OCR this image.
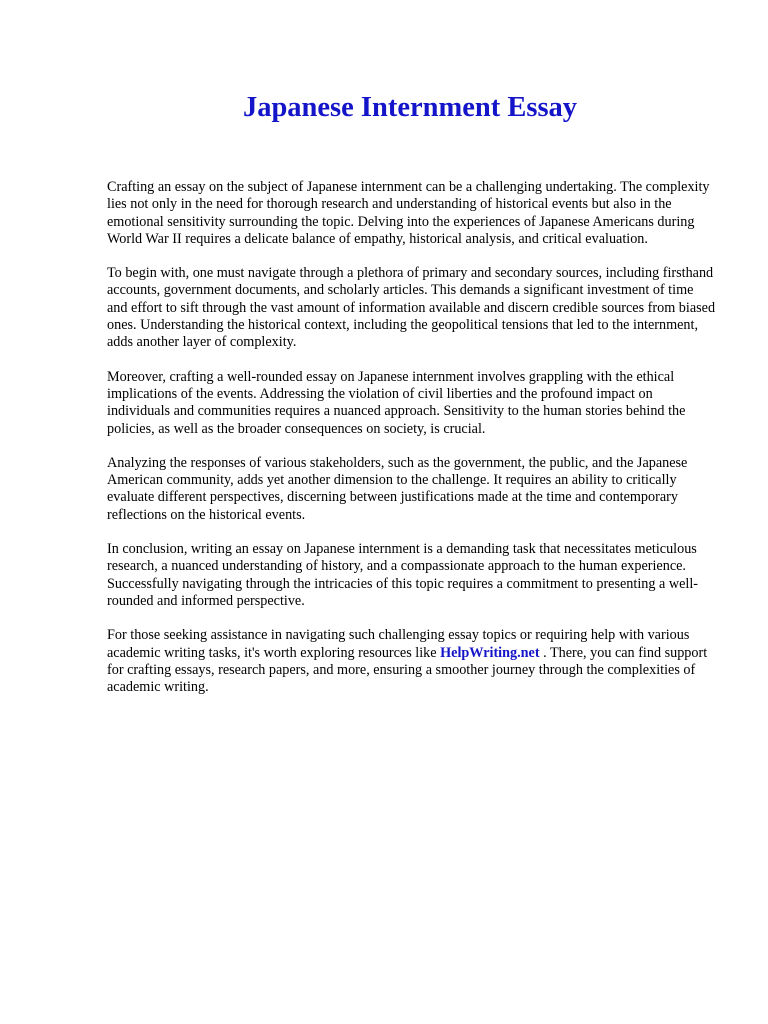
Japanese Internment Essay

Crafting an essay on the subject of Japanese internment can be a challenging undertaking. The complexity lies not only in the need for thorough research and understanding of historical events but also in the emotional sensitivity surrounding the topic. Delving into the experiences of Japanese Americans during World War II requires a delicate balance of empathy, historical analysis, and critical evaluation.

To begin with, one must navigate through a plethora of primary and secondary sources, including firsthand accounts, government documents, and scholarly articles. This demands a significant investment of time and effort to sift through the vast amount of information available and discern credible sources from biased ones. Understanding the historical context, including the geopolitical tensions that led to the internment, adds another layer of complexity.

Moreover, crafting a well-rounded essay on Japanese internment involves grappling with the ethical implications of the events. Addressing the violation of civil liberties and the profound impact on individuals and communities requires a nuanced approach. Sensitivity to the human stories behind the policies, as well as the broader consequences on society, is crucial.

Analyzing the responses of various stakeholders, such as the government, the public, and the Japanese American community, adds yet another dimension to the challenge. It requires an ability to critically evaluate different perspectives, discerning between justifications made at the time and contemporary reflections on the historical events.

In conclusion, writing an essay on Japanese internment is a demanding task that necessitates meticulous research, a nuanced understanding of history, and a compassionate approach to the human experience. Successfully navigating through the intricacies of this topic requires a commitment to presenting a well-rounded and informed perspective.

For those seeking assistance in navigating such challenging essay topics or requiring help with various academic writing tasks, it's worth exploring resources like HelpWriting.net . There, you can find support for crafting essays, research papers, and more, ensuring a smoother journey through the complexities of academic writing.
